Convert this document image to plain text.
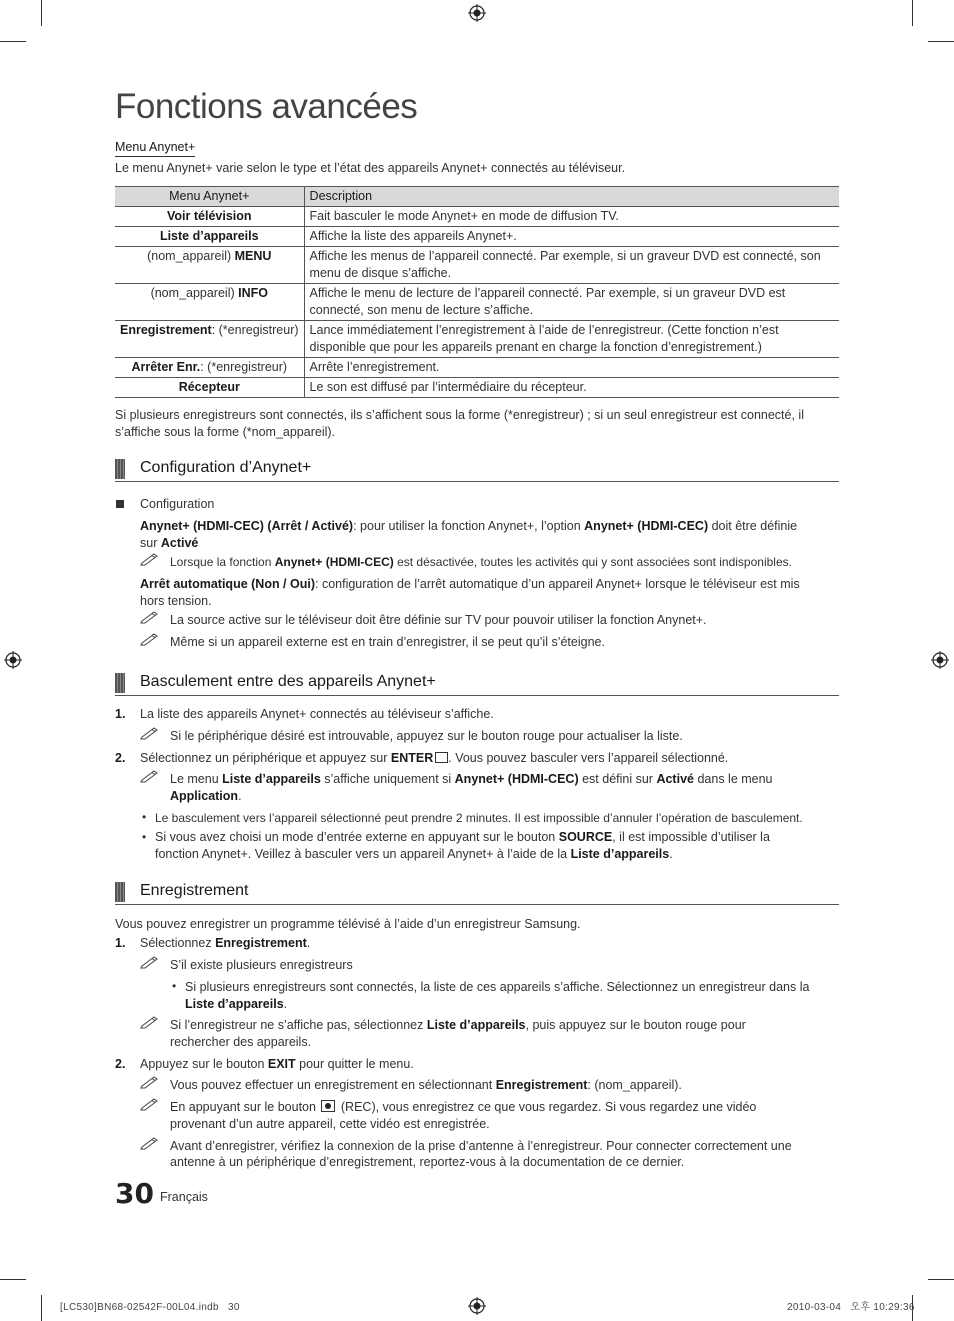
Fonctions avancées
Menu Anynet+
Le menu Anynet+ varie selon le type et l’état des appareils Anynet+ connectés au téléviseur.
Menu Anynet+	Description
Voir télévision	Fait basculer le mode Anynet+ en mode de diffusion TV.
Liste d’appareils	Affiche la liste des appareils Anynet+.
(nom_appareil) MENU	Affiche les menus de l’appareil connecté. Par exemple, si un graveur DVD est connecté, son menu de disque s’affiche.
(nom_appareil) INFO	Affiche le menu de lecture de l’appareil connecté. Par exemple, si un graveur DVD est connecté, son menu de lecture s’affiche.
Enregistrement: (*enregistreur)	Lance immédiatement l’enregistrement à l’aide de l’enregistreur. (Cette fonction n’est disponible que pour les appareils prenant en charge la fonction d’enregistrement.)
Arrêter Enr.: (*enregistreur)	Arrête l’enregistrement.
Récepteur	Le son est diffusé par l’intermédiaire du récepteur.
Si plusieurs enregistreurs sont connectés, ils s’affichent sous la forme (*enregistreur) ; si un seul enregistreur est connecté, il s’affiche sous la forme (*nom_appareil).
Configuration d’Anynet+
Configuration
Anynet+ (HDMI-CEC) (Arrêt / Activé): pour utiliser la fonction Anynet+, l’option Anynet+ (HDMI-CEC) doit être définie
sur Activé
Lorsque la fonction Anynet+ (HDMI-CEC) est désactivée, toutes les activités qui y sont associées sont indisponibles.
Arrêt automatique (Non / Oui): configuration de l’arrêt automatique d’un appareil Anynet+ lorsque le téléviseur est mis
hors tension.
La source active sur le téléviseur doit être définie sur TV pour pouvoir utiliser la fonction Anynet+.
Même si un appareil externe est en train d’enregistrer, il se peut qu’il s’éteigne.
Basculement entre des appareils Anynet+
1. La liste des appareils Anynet+ connectés au téléviseur s’affiche.
Si le périphérique désiré est introuvable, appuyez sur le bouton rouge pour actualiser la liste.
2. Sélectionnez un périphérique et appuyez sur ENTER . Vous pouvez basculer vers l’appareil sélectionné.
Le menu Liste d’appareils s’affiche uniquement si Anynet+ (HDMI-CEC) est défini sur Activé dans le menu
Application.
• Le basculement vers l’appareil sélectionné peut prendre 2 minutes. Il est impossible d’annuler l’opération de basculement.
• Si vous avez choisi un mode d’entrée externe en appuyant sur le bouton SOURCE, il est impossible d’utiliser la
fonction Anynet+. Veillez à basculer vers un appareil Anynet+ à l’aide de la Liste d’appareils.
Enregistrement
Vous pouvez enregistrer un programme télévisé à l’aide d’un enregistreur Samsung.
1. Sélectionnez Enregistrement.
S’il existe plusieurs enregistreurs
• Si plusieurs enregistreurs sont connectés, la liste de ces appareils s’affiche. Sélectionnez un enregistreur dans la
Liste d’appareils.
Si l’enregistreur ne s’affiche pas, sélectionnez Liste d’appareils, puis appuyez sur le bouton rouge pour
rechercher des appareils.
2. Appuyez sur le bouton EXIT pour quitter le menu.
Vous pouvez effectuer un enregistrement en sélectionnant Enregistrement: (nom_appareil).
En appuyant sur le bouton  (REC), vous enregistrez ce que vous regardez. Si vous regardez une vidéo
provenant d’un autre appareil, cette vidéo est enregistrée.
Avant d’enregistrer, vérifiez la connexion de la prise d’antenne à l’enregistreur. Pour connecter correctement une
antenne à un périphérique d’enregistrement, reportez-vous à la documentation de ce dernier.
30 Français
[LC530]BN68-02542F-00L04.indb   30	2010-03-04   오후 10:29:36
